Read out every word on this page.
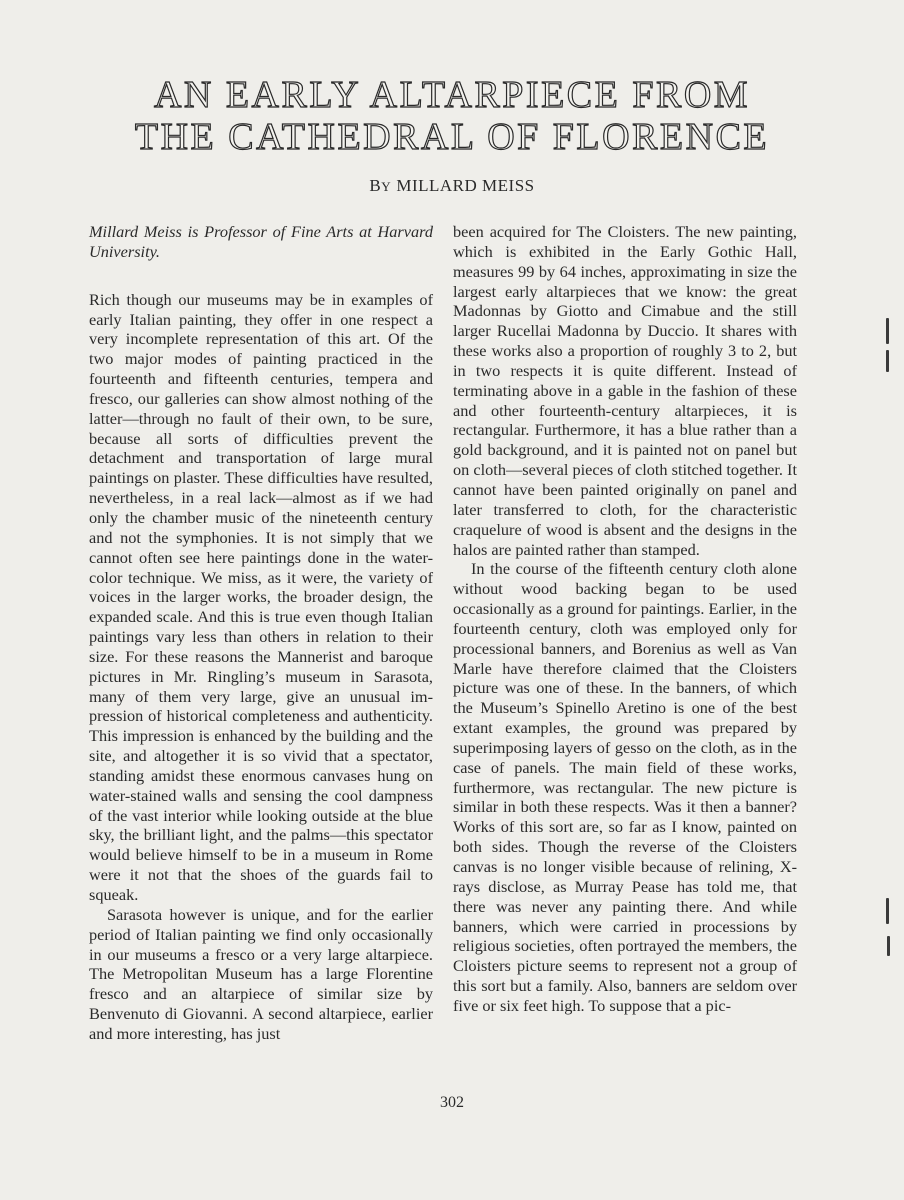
AN EARLY ALTARPIECE FROM
THE CATHEDRAL OF FLORENCE
BY MILLARD MEISS

Millard Meiss is Professor of Fine Arts at Harvard University.

Rich though our museums may be in examples of early Italian painting, they offer in one respect a very incomplete representation of this art. Of the two major modes of painting practiced in the fourteenth and fifteenth centuries, tempera and fresco, our galleries can show almost nothing of the latter—through no fault of their own, to be sure, because all sorts of difficulties prevent the detachment and transportation of large mural paintings on plaster. These difficulties have resulted, nevertheless, in a real lack—almost as if we had only the chamber music of the nineteenth century and not the symphonies. It is not simply that we cannot often see here paintings done in the water-color technique. We miss, as it were, the variety of voices in the larger works, the broader design, the expanded scale. And this is true even though Italian paintings vary less than others in relation to their size. For these reasons the Mannerist and baroque pictures in Mr. Ringling’s museum in Sarasota, many of them very large, give an unusual impression of historical completeness and authenticity. This impression is enhanced by the building and the site, and altogether it is so vivid that a spectator, standing amidst these enormous canvases hung on water-stained walls and sensing the cool dampness of the vast interior while looking outside at the blue sky, the brilliant light, and the palms—this spectator would believe himself to be in a museum in Rome were it not that the shoes of the guards fail to squeak.

Sarasota however is unique, and for the earlier period of Italian painting we find only occasionally in our museums a fresco or a very large altarpiece. The Metropolitan Museum has a large Florentine fresco and an altarpiece of similar size by Benvenuto di Giovanni. A second altarpiece, earlier and more interesting, has just

been acquired for The Cloisters. The new painting, which is exhibited in the Early Gothic Hall, measures 99 by 64 inches, approximating in size the largest early altarpieces that we know: the great Madonnas by Giotto and Cimabue and the still larger Rucellai Madonna by Duccio. It shares with these works also a proportion of roughly 3 to 2, but in two respects it is quite different. Instead of terminating above in a gable in the fashion of these and other fourteenth-century altarpieces, it is rectangular. Furthermore, it has a blue rather than a gold background, and it is painted not on panel but on cloth—several pieces of cloth stitched together. It cannot have been painted originally on panel and later transferred to cloth, for the characteristic craquelure of wood is absent and the designs in the halos are painted rather than stamped.

In the course of the fifteenth century cloth alone without wood backing began to be used occasionally as a ground for paintings. Earlier, in the fourteenth century, cloth was employed only for processional banners, and Borenius as well as Van Marle have therefore claimed that the Cloisters picture was one of these. In the banners, of which the Museum’s Spinello Aretino is one of the best extant examples, the ground was prepared by superimposing layers of gesso on the cloth, as in the case of panels. The main field of these works, furthermore, was rectangular. The new picture is similar in both these respects. Was it then a banner? Works of this sort are, so far as I know, painted on both sides. Though the reverse of the Cloisters canvas is no longer visible because of relining, X-rays disclose, as Murray Pease has told me, that there was never any painting there. And while banners, which were carried in processions by religious societies, often portrayed the members, the Cloisters picture seems to represent not a group of this sort but a family. Also, banners are seldom over five or six feet high. To suppose that a pic-

302
